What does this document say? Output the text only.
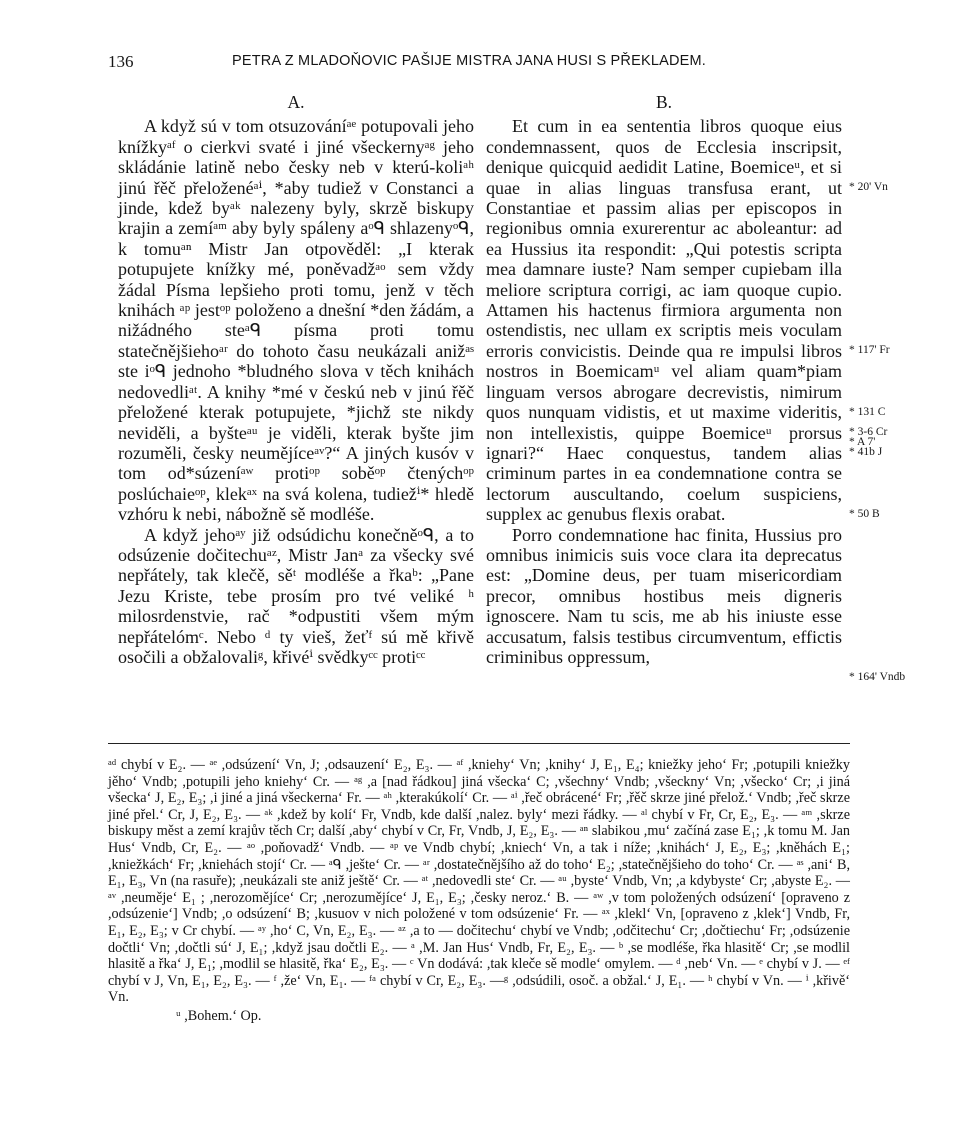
136	PETRA Z MLADOŇOVIC PAŠIJE MISTRA JANA HUSI S PŘEKLADEM.
A.

A když sú v tom otsuzováníᵃᵉ potupovali jeho knížkyᵃᶠ o cierkvi svaté i jiné všeckernyᵃᵍ jeho skládánie latině nebo česky neb v kterú-koliᵃʰ jinú řěč přeloženéᵃⁱ, *aby tudiež v Constanci a jinde, kdež byᵃᵏ nalezeny byly, skrzě biskupy krajin a zemíᵃᵐ aby byly spáleny aᵒᑫ shlazenyᵒᑫ, k tomuᵃⁿ Mistr Jan otpověděl: „I kterak potupujete knížky mé, poněvadžᵃᵒ sem vždy žádal Písma lepšieho proti tomu, jenž v těch knihách ᵃᵖ jestᵒᵖ položeno a dnešní *den žádám, a nižádného steᵃᑫ písma proti tomu statečnějšiehoᵃʳ do tohoto času neukázali anižᵃˢ ste iᵒᑫ jednoho *bludného slova v těch knihách nedovedliᵃᵗ. A knihy *mé v českú neb v jinú řěč přeložené kterak potupujete, *jichž ste nikdy neviděli, a byšteᵃᵘ je viděli, kterak byšte jim rozuměli, česky neumějíceᵃᵛ?“ A jiných kusóv v tom od*súzeníᵃʷ protiᵒᵖ soběᵒᵖ čtenýchᵒᵖ poslúchaieᵒᵖ, klekᵃˣ na svá kolena, tudiežⁱ* hledě vzhóru k nebi, nábožně sě modléše.

A když jehoᵃʸ již odsúdichu konečněᵒᑫ, a to odsúzenie dočitechuᵃᶻ, Mistr Janᵃ za všecky své nepřátely, tak klečě, sěᵗ modléše a řkaᵇ: „Pane Jezu Kriste, tebe prosím pro tvé veliké ʰ milosrdenstvie, rač *odpustiti všem mým nepřátelómᶜ. Nebo ᵈ ty vieš, žeťᶠ sú mě křivě osočili a obžalovaliᵍ, křivéⁱ svědkyᶜᶜ protiᶜᶜ

B.

Et cum in ea sententia libros quoque eius condemnassent, quos de Ecclesia inscripsit, denique quicquid aedidit Latine, Boemiceᵘ, et si quae in alias linguas transfusa erant, ut Constantiae et passim alias per episcopos in regionibus omnia exurerentur ac aboleantur: ad ea Hussius ita respondit: „Qui potestis scripta mea damnare iuste? Nam semper cupiebam illa meliore scriptura corrigi, ac iam quoque cupio. Attamen his hactenus firmiora argumenta non ostendistis, nec ullam ex scriptis meis voculam erroris convicistis. Deinde qua re impulsi libros nostros in Boemicamᵘ vel aliam quam*piam linguam versos abrogare decrevistis, nimirum quos nunquam vidistis, et ut maxime videritis, non intellexistis, quippe Boemiceᵘ prorsus ignari?“ Haec conquestus, tandem alias criminum partes in ea condemnatione contra se lectorum auscultando, coelum suspiciens, supplex ac genubus flexis orabat.

Porro condemnatione hac finita, Hussius pro omnibus inimicis suis voce clara ita deprecatus est: „Domine deus, per tuam misericordiam precor, omnibus hostibus meis digneris ignoscere. Nam tu scis, me ab his iniuste esse accusatum, falsis testibus circumventum, effictis criminibus oppressum,

* 20' Vn
* 117' Fr
* 131 C
* 3-6 Cr
* A 7'
* 41b J
* 50 B
* 164' Vndb

ᵃᵈ chybí v E₂. — ᵃᵉ ,odsúzení‘ Vn, J; ,odsauzení‘ E₂, E₃. — ᵃᶠ ,kniehy‘ Vn; ,knihy‘ J, E₁, E₄; kniežky jeho‘ Fr; ,potupili kniežky jěho‘ Vndb; ,potupili jeho kniehy‘ Cr. — ᵃᵍ ,a [nad řádkou] jiná všecka‘ C; ,všechny‘ Vndb; ,všeckny‘ Vn; ,všecko‘ Cr; ,i jiná všecka‘ J, E₂, E₃; ,i jiné a jiná všeckerna‘ Fr. — ᵃʰ ,kterakúkolí‘ Cr. — ᵃⁱ ,řeč obrácené‘ Fr; ,řěč skrze jiné přelož.‘ Vndb; ,řeč skrze jiné přel.‘ Cr, J, E₂, E₃. — ᵃᵏ ,kdež by kolí‘ Fr, Vndb, kde další ,nalez. byly‘ mezi řádky. — ᵃˡ chybí v Fr, Cr, E₂, E₃. — ᵃᵐ ,skrze biskupy měst a zemí krajův těch Cr; další ,aby‘ chybí v Cr, Fr, Vndb, J, E₂, E₃. — ᵃⁿ slabikou ,mu‘ začíná zase E₁; ,k tomu M. Jan Hus‘ Vndb, Cr, E₂. — ᵃᵒ ,poňovadž‘ Vndb. — ᵃᵖ ve Vndb chybí; ,kniech‘ Vn, a tak i níže; ,knihách‘ J, E₂, E₃; ,kněhách E₁; ,kniežkách‘ Fr; ,kniehách stojí‘ Cr. — ᵃᑫ ,ješte‘ Cr. — ᵃʳ ,dostatečnějšího až do toho‘ E₂; ,statečnějšieho do toho‘ Cr. — ᵃˢ ,ani‘ B, E₁, E₃, Vn (na rasuře); ,neukázali ste aniž ještě‘ Cr. — ᵃᵗ ,nedovedli ste‘ Cr. — ᵃᵘ ,byste‘ Vndb, Vn; ,a kdybyste‘ Cr; ,abyste E₂. — ᵃᵛ ,neuměje‘ E₁ ; ,nerozomějíce‘ Cr; ,nerozumějíce‘ J, E₁, E₃; ,česky neroz.‘ B. — ᵃʷ ,v tom položených odsúzení‘ [opraveno z ,odsúzenie‘] Vndb; ,o odsúzení‘ B; ,kusuov v nich položené v tom odsúzenie‘ Fr. — ᵃˣ ,klekl‘ Vn, [opraveno z ,klek‘] Vndb, Fr, E₁, E₂, E₃; v Cr chybí. — ᵃʸ ,ho‘ C, Vn, E₂, E₃. — ᵃᶻ ,a to — dočitechu‘ chybí ve Vndb; ,odčitechu‘ Cr; ,dočtiechu‘ Fr; ,odsúzenie dočtli‘ Vn; ,dočtli sú‘ J, E₁; ,když jsau dočtli E₂. — ᵃ ,M. Jan Hus‘ Vndb, Fr, E₂, E₃. — ᵇ ,se modléše, řka hlasitě‘ Cr; ,se modlil hlasitě a řka‘ J, E₁; ,modlil se hlasitě, řka‘ E₂, E₃. — ᶜ Vn dodává: ,tak kleče sě modle‘ omylem. — ᵈ ,neb‘ Vn. — ᵉ chybí v J. — ᵉᶠ chybí v J, Vn, E₁, E₂, E₃. — ᶠ ,že‘ Vn, E₁. — ᶠᵃ chybí v Cr, E₂, E₃. —ᵍ ,odsúdili, osoč. a obžal.‘ J, E₁. — ʰ chybí v Vn. — ⁱ ,křivě‘ Vn.

ᵘ ,Bohem.‘ Op.
